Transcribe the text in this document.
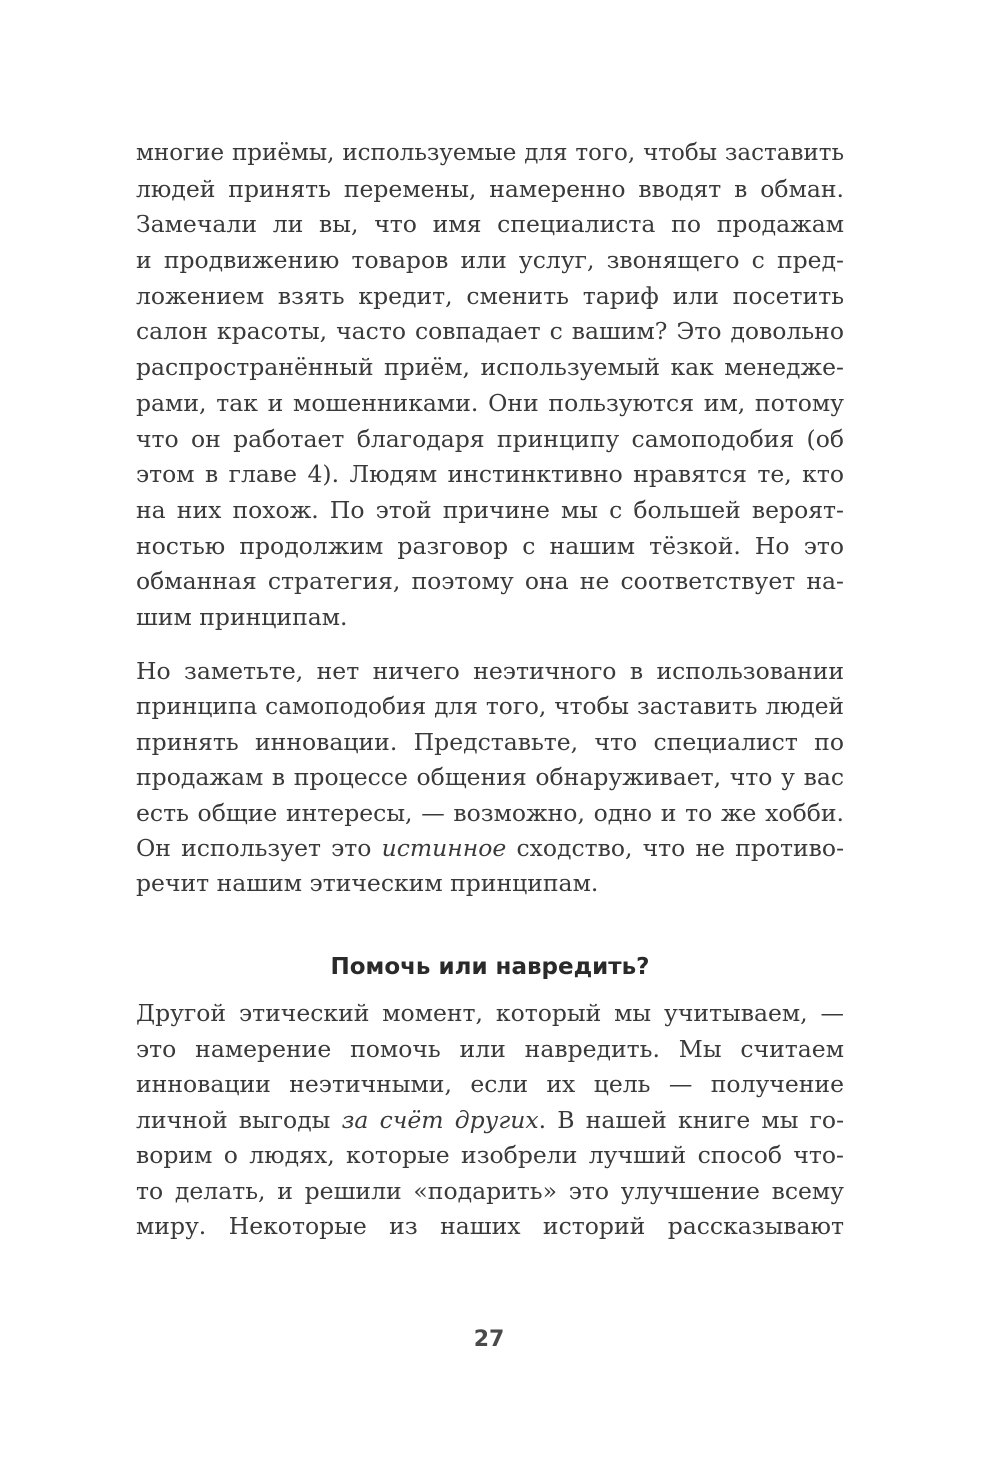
многие приёмы, используемые для того, чтобы заставить
людей принять перемены, намеренно вводят в обман.
Замечали ли вы, что имя специалиста по продажам
и продвижению товаров или услуг, звонящего с пред-
ложением взять кредит, сменить тариф или посетить
салон красоты, часто совпадает с вашим? Это довольно
распространённый приём, используемый как менедже-
рами, так и мошенниками. Они пользуются им, потому
что он работает благодаря принципу самоподобия (об
этом в главе 4). Людям инстинктивно нравятся те, кто
на них похож. По этой причине мы с большей вероят-
ностью продолжим разговор с нашим тёзкой. Но это
обманная стратегия, поэтому она не соответствует на-
шим принципам.
Но заметьте, нет ничего неэтичного в использовании
принципа самоподобия для того, чтобы заставить людей
принять инновации. Представьте, что специалист по
продажам в процессе общения обнаруживает, что у вас
есть общие интересы, — возможно, одно и то же хобби.
Он использует это истинное сходство, что не противо-
речит нашим этическим принципам.
Помочь или навредить?
Другой этический момент, который мы учитываем, —
это намерение помочь или навредить. Мы считаем
инновации неэтичными, если их цель — получение
личной выгоды за счёт других. В нашей книге мы го-
ворим о людях, которые изобрели лучший способ что-
то делать, и решили «подарить» это улучшение всему
миру. Некоторые из наших историй рассказывают
27
